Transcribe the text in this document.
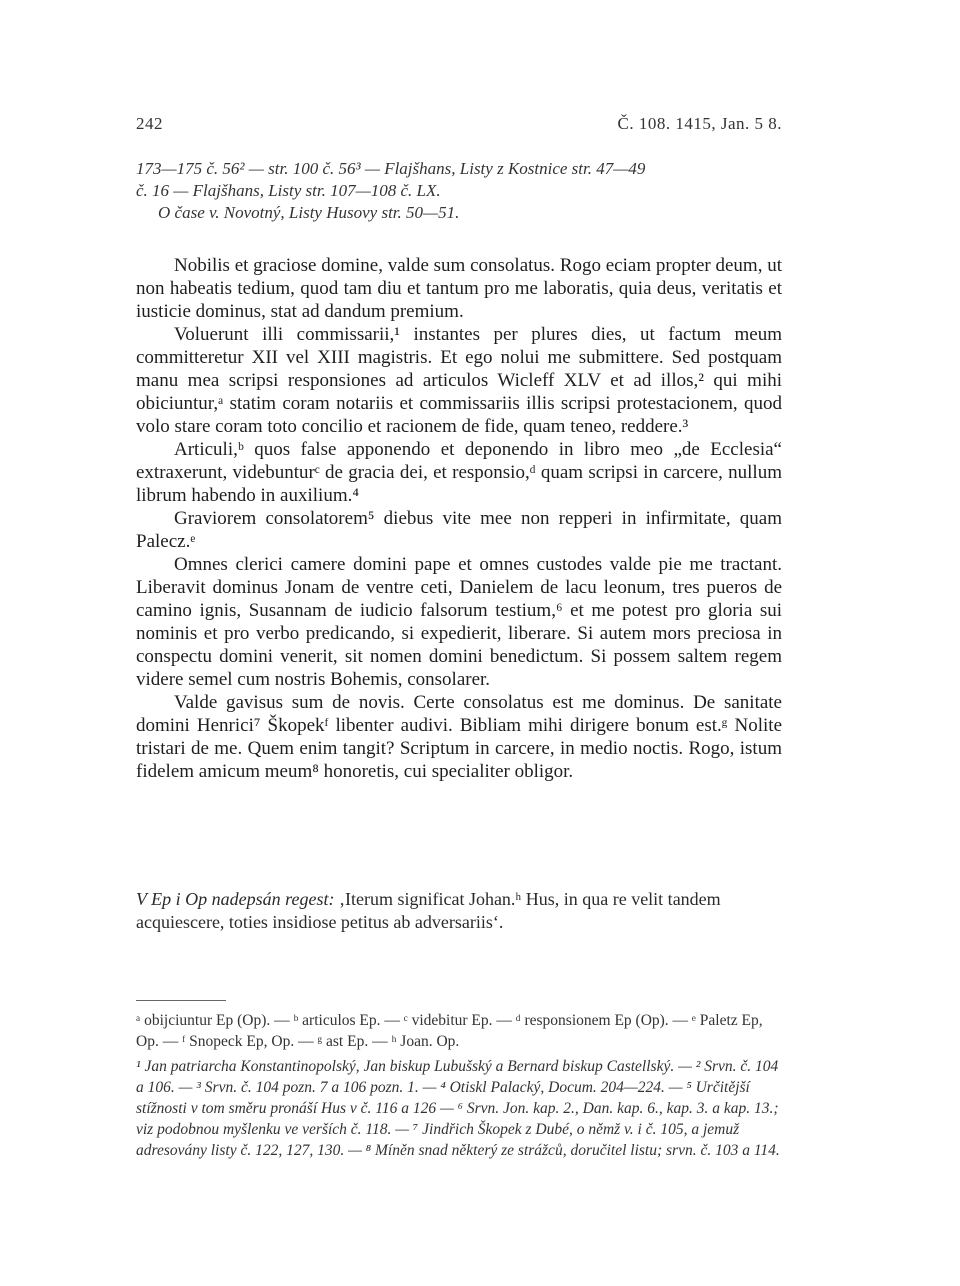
242	Č. 108. 1415, Jan. 5 8.
173—175 č. 56² — str. 100 č. 56³ — Flajšhans, Listy z Kostnice str. 47—49
č. 16 — Flajšhans, Listy str. 107—108 č. LX.
O čase v. Novotný, Listy Husovy str. 50—51.

Nobilis et graciose domine, valde sum consolatus. Rogo eciam propter deum, ut non habeatis tedium, quod tam diu et tantum pro me laboratis, quia deus, veritatis et iusticie dominus, stat ad dandum premium.

Voluerunt illi commissarii,¹ instantes per plures dies, ut factum meum committeretur XII vel XIII magistris. Et ego nolui me submittere. Sed postquam manu mea scripsi responsiones ad articulos Wicleff XLV et ad illos,² qui mihi obiciuntur,ᵃ statim coram notariis et commissariis illis scripsi protestacionem, quod volo stare coram toto concilio et racionem de fide, quam teneo, reddere.³

Articuli,ᵇ quos false apponendo et deponendo in libro meo „de Ecclesia“ extraxerunt, videbunturᶜ de gracia dei, et responsio,ᵈ quam scripsi in carcere, nullum librum habendo in auxilium.⁴

Graviorem consolatorem⁵ diebus vite mee non repperi in infirmitate, quam Palecz.ᵉ

Omnes clerici camere domini pape et omnes custodes valde pie me tractant. Liberavit dominus Jonam de ventre ceti, Danielem de lacu leonum, tres pueros de camino ignis, Susannam de iudicio falsorum testium,⁶ et me potest pro gloria sui nominis et pro verbo predicando, si expedierit, liberare. Si autem mors preciosa in conspectu domini venerit, sit nomen domini benedictum. Si possem saltem regem videre semel cum nostris Bohemis, consolarer.

Valde gavisus sum de novis. Certe consolatus est me dominus. De sanitate domini Henrici⁷ Škopekᶠ libenter audivi. Bibliam mihi dirigere bonum est.ᵍ Nolite tristari de me. Quem enim tangit? Scriptum in carcere, in medio noctis. Rogo, istum fidelem amicum meum⁸ honoretis, cui specialiter obligor.

V Ep i Op nadepsán regest: ‚Iterum significat Johan.ʰ Hus, in qua re velit tandem acquiescere, toties insidiose petitus ab adversariis‘.

ᵃ obijciuntur Ep (Op). — ᵇ articulos Ep. — ᶜ videbitur Ep. — ᵈ responsionem Ep (Op). — ᵉ Paletz Ep, Op. — ᶠ Snopeck Ep, Op. — ᵍ ast Ep. — ʰ Joan. Op.

¹ Jan patriarcha Konstantinopolský, Jan biskup Lubušský a Bernard biskup Castellský. — ² Srvn. č. 104 a 106. — ³ Srvn. č. 104 pozn. 7 a 106 pozn. 1. — ⁴ Otiskl Palacký, Docum. 204—224. — ⁵ Určitější stížnosti v tom směru pronáší Hus v č. 116 a 126 — ⁶ Srvn. Jon. kap. 2., Dan. kap. 6., kap. 3. a kap. 13.; viz podobnou myšlenku ve verších č. 118. — ⁷ Jindřich Škopek z Dubé, o němž v. i č. 105, a jemuž adresovány listy č. 122, 127, 130. — ⁸ Míněn snad některý ze strážců, doručitel listu; srvn. č. 103 a 114.
